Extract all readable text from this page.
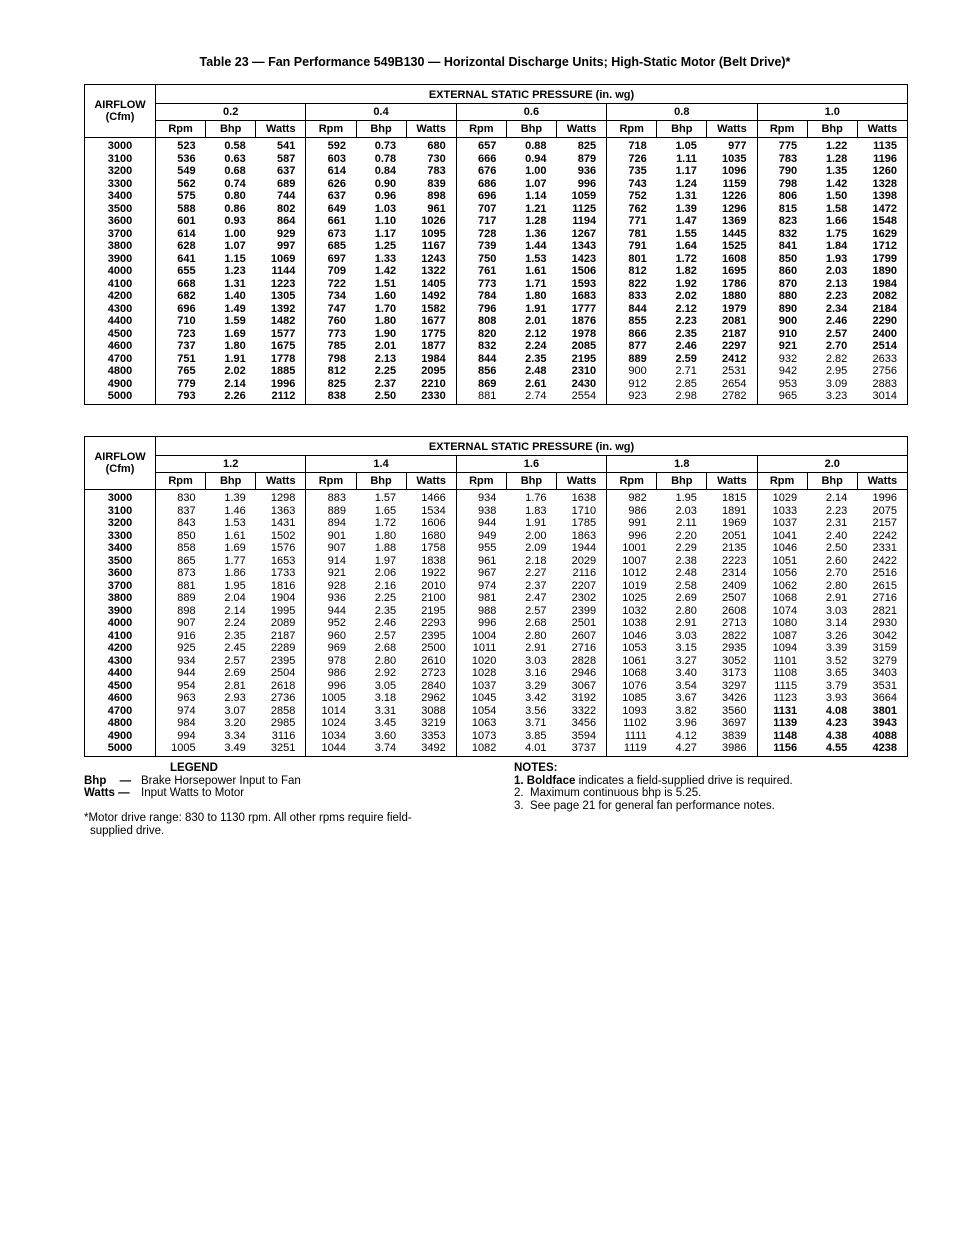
Table 23 — Fan Performance 549B130 — Horizontal Discharge Units; High-Static Motor (Belt Drive)*
AIRFLOW
(Cfm)	EXTERNAL STATIC PRESSURE (in. wg)														
	0.2			0.4			0.6			0.8			1.0		
	Rpm	Bhp	Watts	Rpm	Bhp	Watts	Rpm	Bhp	Watts	Rpm	Bhp	Watts	Rpm	Bhp	Watts
3000	523	0.58	541	592	0.73	680	657	0.88	825	718	1.05	977	775	1.22	1135
3100	536	0.63	587	603	0.78	730	666	0.94	879	726	1.11	1035	783	1.28	1196
3200	549	0.68	637	614	0.84	783	676	1.00	936	735	1.17	1096	790	1.35	1260
3300	562	0.74	689	626	0.90	839	686	1.07	996	743	1.24	1159	798	1.42	1328
3400	575	0.80	744	637	0.96	898	696	1.14	1059	752	1.31	1226	806	1.50	1398
3500	588	0.86	802	649	1.03	961	707	1.21	1125	762	1.39	1296	815	1.58	1472
3600	601	0.93	864	661	1.10	1026	717	1.28	1194	771	1.47	1369	823	1.66	1548
3700	614	1.00	929	673	1.17	1095	728	1.36	1267	781	1.55	1445	832	1.75	1629
3800	628	1.07	997	685	1.25	1167	739	1.44	1343	791	1.64	1525	841	1.84	1712
3900	641	1.15	1069	697	1.33	1243	750	1.53	1423	801	1.72	1608	850	1.93	1799
4000	655	1.23	1144	709	1.42	1322	761	1.61	1506	812	1.82	1695	860	2.03	1890
4100	668	1.31	1223	722	1.51	1405	773	1.71	1593	822	1.92	1786	870	2.13	1984
4200	682	1.40	1305	734	1.60	1492	784	1.80	1683	833	2.02	1880	880	2.23	2082
4300	696	1.49	1392	747	1.70	1582	796	1.91	1777	844	2.12	1979	890	2.34	2184
4400	710	1.59	1482	760	1.80	1677	808	2.01	1876	855	2.23	2081	900	2.46	2290
4500	723	1.69	1577	773	1.90	1775	820	2.12	1978	866	2.35	2187	910	2.57	2400
4600	737	1.80	1675	785	2.01	1877	832	2.24	2085	877	2.46	2297	921	2.70	2514
4700	751	1.91	1778	798	2.13	1984	844	2.35	2195	889	2.59	2412	932	2.82	2633
4800	765	2.02	1885	812	2.25	2095	856	2.48	2310	900	2.71	2531	942	2.95	2756
4900	779	2.14	1996	825	2.37	2210	869	2.61	2430	912	2.85	2654	953	3.09	2883
5000	793	2.26	2112	838	2.50	2330	881	2.74	2554	923	2.98	2782	965	3.23	3014
AIRFLOW
(Cfm)	EXTERNAL STATIC PRESSURE (in. wg)														
	1.2			1.4			1.6			1.8			2.0		
	Rpm	Bhp	Watts	Rpm	Bhp	Watts	Rpm	Bhp	Watts	Rpm	Bhp	Watts	Rpm	Bhp	Watts
3000	830	1.39	1298	883	1.57	1466	934	1.76	1638	982	1.95	1815	1029	2.14	1996
3100	837	1.46	1363	889	1.65	1534	938	1.83	1710	986	2.03	1891	1033	2.23	2075
3200	843	1.53	1431	894	1.72	1606	944	1.91	1785	991	2.11	1969	1037	2.31	2157
3300	850	1.61	1502	901	1.80	1680	949	2.00	1863	996	2.20	2051	1041	2.40	2242
3400	858	1.69	1576	907	1.88	1758	955	2.09	1944	1001	2.29	2135	1046	2.50	2331
3500	865	1.77	1653	914	1.97	1838	961	2.18	2029	1007	2.38	2223	1051	2.60	2422
3600	873	1.86	1733	921	2.06	1922	967	2.27	2116	1012	2.48	2314	1056	2.70	2516
3700	881	1.95	1816	928	2.16	2010	974	2.37	2207	1019	2.58	2409	1062	2.80	2615
3800	889	2.04	1904	936	2.25	2100	981	2.47	2302	1025	2.69	2507	1068	2.91	2716
3900	898	2.14	1995	944	2.35	2195	988	2.57	2399	1032	2.80	2608	1074	3.03	2821
4000	907	2.24	2089	952	2.46	2293	996	2.68	2501	1038	2.91	2713	1080	3.14	2930
4100	916	2.35	2187	960	2.57	2395	1004	2.80	2607	1046	3.03	2822	1087	3.26	3042
4200	925	2.45	2289	969	2.68	2500	1011	2.91	2716	1053	3.15	2935	1094	3.39	3159
4300	934	2.57	2395	978	2.80	2610	1020	3.03	2828	1061	3.27	3052	1101	3.52	3279
4400	944	2.69	2504	986	2.92	2723	1028	3.16	2946	1068	3.40	3173	1108	3.65	3403
4500	954	2.81	2618	996	3.05	2840	1037	3.29	3067	1076	3.54	3297	1115	3.79	3531
4600	963	2.93	2736	1005	3.18	2962	1045	3.42	3192	1085	3.67	3426	1123	3.93	3664
4700	974	3.07	2858	1014	3.31	3088	1054	3.56	3322	1093	3.82	3560	1131	4.08	3801
4800	984	3.20	2985	1024	3.45	3219	1063	3.71	3456	1102	3.96	3697	1139	4.23	3943
4900	994	3.34	3116	1034	3.60	3353	1073	3.85	3594	1111	4.12	3839	1148	4.38	4088
5000	1005	3.49	3251	1044	3.74	3492	1082	4.01	3737	1119	4.27	3986	1156	4.55	4238
LEGEND
Bhp — Brake Horsepower Input to Fan
Watts — Input Watts to Motor
*Motor drive range: 830 to 1130 rpm. All other rpms require field-
supplied drive.
NOTES:
1. Boldface indicates a field-supplied drive is required.
2. Maximum continuous bhp is 5.25.
3. See page 21 for general fan performance notes.
